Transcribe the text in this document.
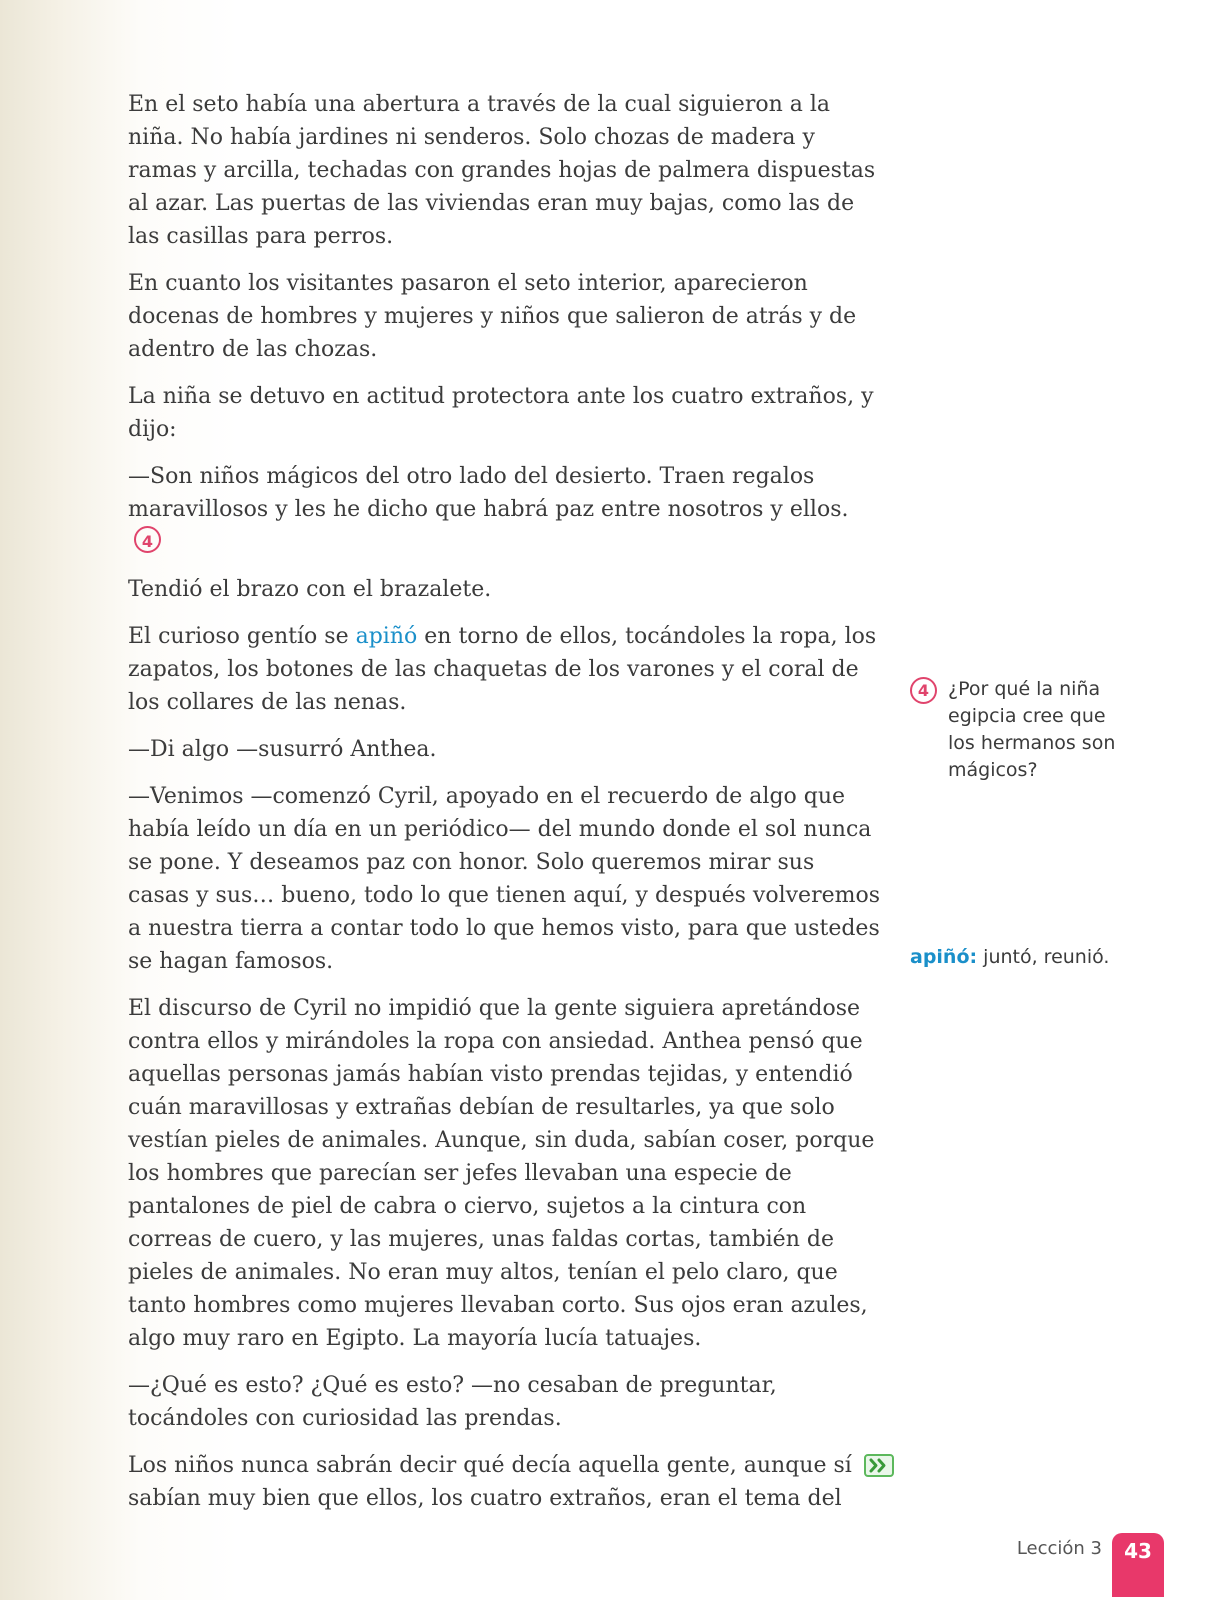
En el seto había una abertura a través de la cual siguieron a la niña. No había jardines ni senderos. Solo chozas de madera y ramas y arcilla, techadas con grandes hojas de palmera dispuestas al azar. Las puertas de las viviendas eran muy bajas, como las de las casillas para perros.

En cuanto los visitantes pasaron el seto interior, aparecieron docenas de hombres y mujeres y niños que salieron de atrás y de adentro de las chozas.

La niña se detuvo en actitud protectora ante los cuatro extraños, y dijo:

—Son niños mágicos del otro lado del desierto. Traen regalos maravillosos y les he dicho que habrá paz entre nosotros y ellos.4

Tendió el brazo con el brazalete.

El curioso gentío se apiñó en torno de ellos, tocándoles la ropa, los zapatos, los botones de las chaquetas de los varones y el coral de los collares de las nenas.

—Di algo —susurró Anthea.

—Venimos —comenzó Cyril, apoyado en el recuerdo de algo que había leído un día en un periódico— del mundo donde el sol nunca se pone. Y deseamos paz con honor. Solo queremos mirar sus casas y sus… bueno, todo lo que tienen aquí, y después volveremos a nuestra tierra a contar todo lo que hemos visto, para que ustedes se hagan famosos.

El discurso de Cyril no impidió que la gente siguiera apretándose contra ellos y mirándoles la ropa con ansiedad. Anthea pensó que aquellas personas jamás habían visto prendas tejidas, y entendió cuán maravillosas y extrañas debían de resultarles, ya que solo vestían pieles de animales. Aunque, sin duda, sabían coser, porque los hombres que parecían ser jefes llevaban una especie de pantalones de piel de cabra o ciervo, sujetos a la cintura con correas de cuero, y las mujeres, unas faldas cortas, también de pieles de animales. No eran muy altos, tenían el pelo claro, que tanto hombres como mujeres llevaban corto. Sus ojos eran azules, algo muy raro en Egipto. La mayoría lucía tatuajes.

—¿Qué es esto? ¿Qué es esto? —no cesaban de preguntar, tocándoles con curiosidad las prendas.

Los niños nunca sabrán decir qué decía aquella gente, aunque sí sabían muy bien que ellos, los cuatro extraños, eran el tema del

4 ¿Por qué la niña egipcia cree que los hermanos son mágicos?
apiñó: juntó, reunió.
Lección 3	43
